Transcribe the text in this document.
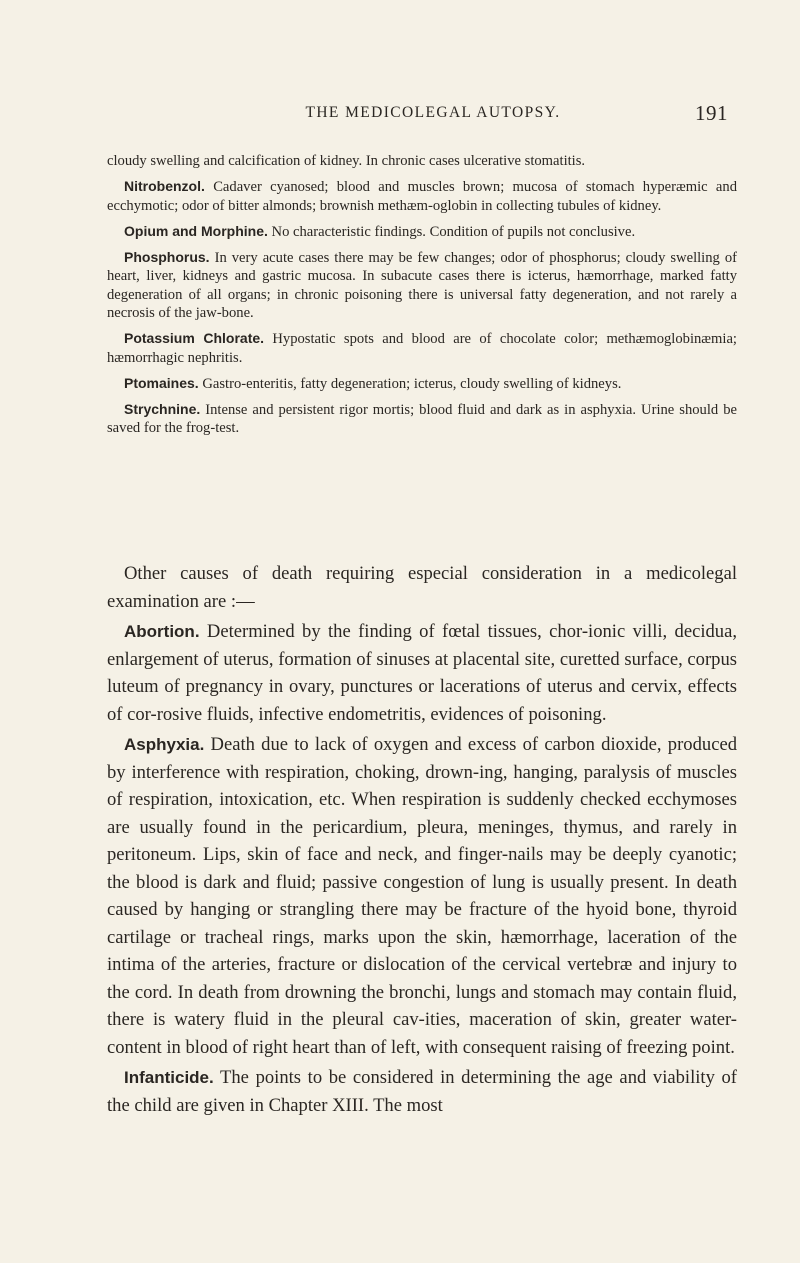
THE MEDICOLEGAL AUTOPSY.	191

cloudy swelling and calcification of kidney. In chronic cases ulcerative stomatitis.

Nitrobenzol. Cadaver cyanosed; blood and muscles brown; mucosa of stomach hyperæmic and ecchymotic; odor of bitter almonds; brownish methæm-oglobin in collecting tubules of kidney.

Opium and Morphine. No characteristic findings. Condition of pupils not conclusive.

Phosphorus. In very acute cases there may be few changes; odor of phosphorus; cloudy swelling of heart, liver, kidneys and gastric mucosa. In subacute cases there is icterus, hæmorrhage, marked fatty degeneration of all organs; in chronic poisoning there is universal fatty degeneration, and not rarely a necrosis of the jaw-bone.

Potassium Chlorate. Hypostatic spots and blood are of chocolate color; methæmoglobinæmia; hæmorrhagic nephritis.

Ptomaines. Gastro-enteritis, fatty degeneration; icterus, cloudy swelling of kidneys.

Strychnine. Intense and persistent rigor mortis; blood fluid and dark as in asphyxia. Urine should be saved for the frog-test.

Other causes of death requiring especial consideration in a medicolegal examination are :—

Abortion. Determined by the finding of fœtal tissues, chor-ionic villi, decidua, enlargement of uterus, formation of sinuses at placental site, curetted surface, corpus luteum of pregnancy in ovary, punctures or lacerations of uterus and cervix, effects of cor-rosive fluids, infective endometritis, evidences of poisoning.

Asphyxia. Death due to lack of oxygen and excess of carbon dioxide, produced by interference with respiration, choking, drown-ing, hanging, paralysis of muscles of respiration, intoxication, etc. When respiration is suddenly checked ecchymoses are usually found in the pericardium, pleura, meninges, thymus, and rarely in peritoneum. Lips, skin of face and neck, and finger-nails may be deeply cyanotic; the blood is dark and fluid; passive congestion of lung is usually present. In death caused by hanging or strangling there may be fracture of the hyoid bone, thyroid cartilage or tracheal rings, marks upon the skin, hæmorrhage, laceration of the intima of the arteries, fracture or dislocation of the cervical vertebræ and injury to the cord. In death from drowning the bronchi, lungs and stomach may contain fluid, there is watery fluid in the pleural cav-ities, maceration of skin, greater water-content in blood of right heart than of left, with consequent raising of freezing point.

Infanticide. The points to be considered in determining the age and viability of the child are given in Chapter XIII. The most
